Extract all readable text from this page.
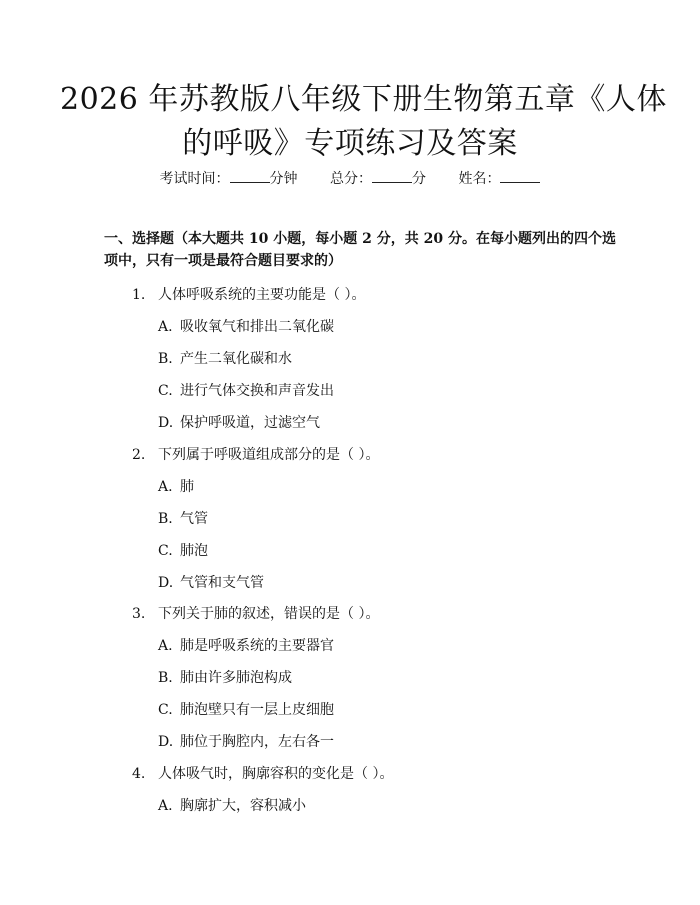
2026 年苏教版八年级下册生物第五章《人体
的呼吸》专项练习及答案
考试时间：	分钟 总分：	分 姓名：
一、选择题（本大题共 10 小题，每小题 2 分，共 20 分。在每小题列出的四个选
项中，只有一项是最符合题目要求的）
1. 人体呼吸系统的主要功能是（ ）。
A. 吸收氧气和排出二氧化碳
B. 产生二氧化碳和水
C. 进行气体交换和声音发出
D. 保护呼吸道，过滤空气
2. 下列属于呼吸道组成部分的是（ ）。
A. 肺
B. 气管
C. 肺泡
D. 气管和支气管
3. 下列关于肺的叙述，错误的是（ ）。
A. 肺是呼吸系统的主要器官
B. 肺由许多肺泡构成
C. 肺泡壁只有一层上皮细胞
D. 肺位于胸腔内，左右各一
4. 人体吸气时，胸廓容积的变化是（ ）。
A. 胸廓扩大，容积减小
